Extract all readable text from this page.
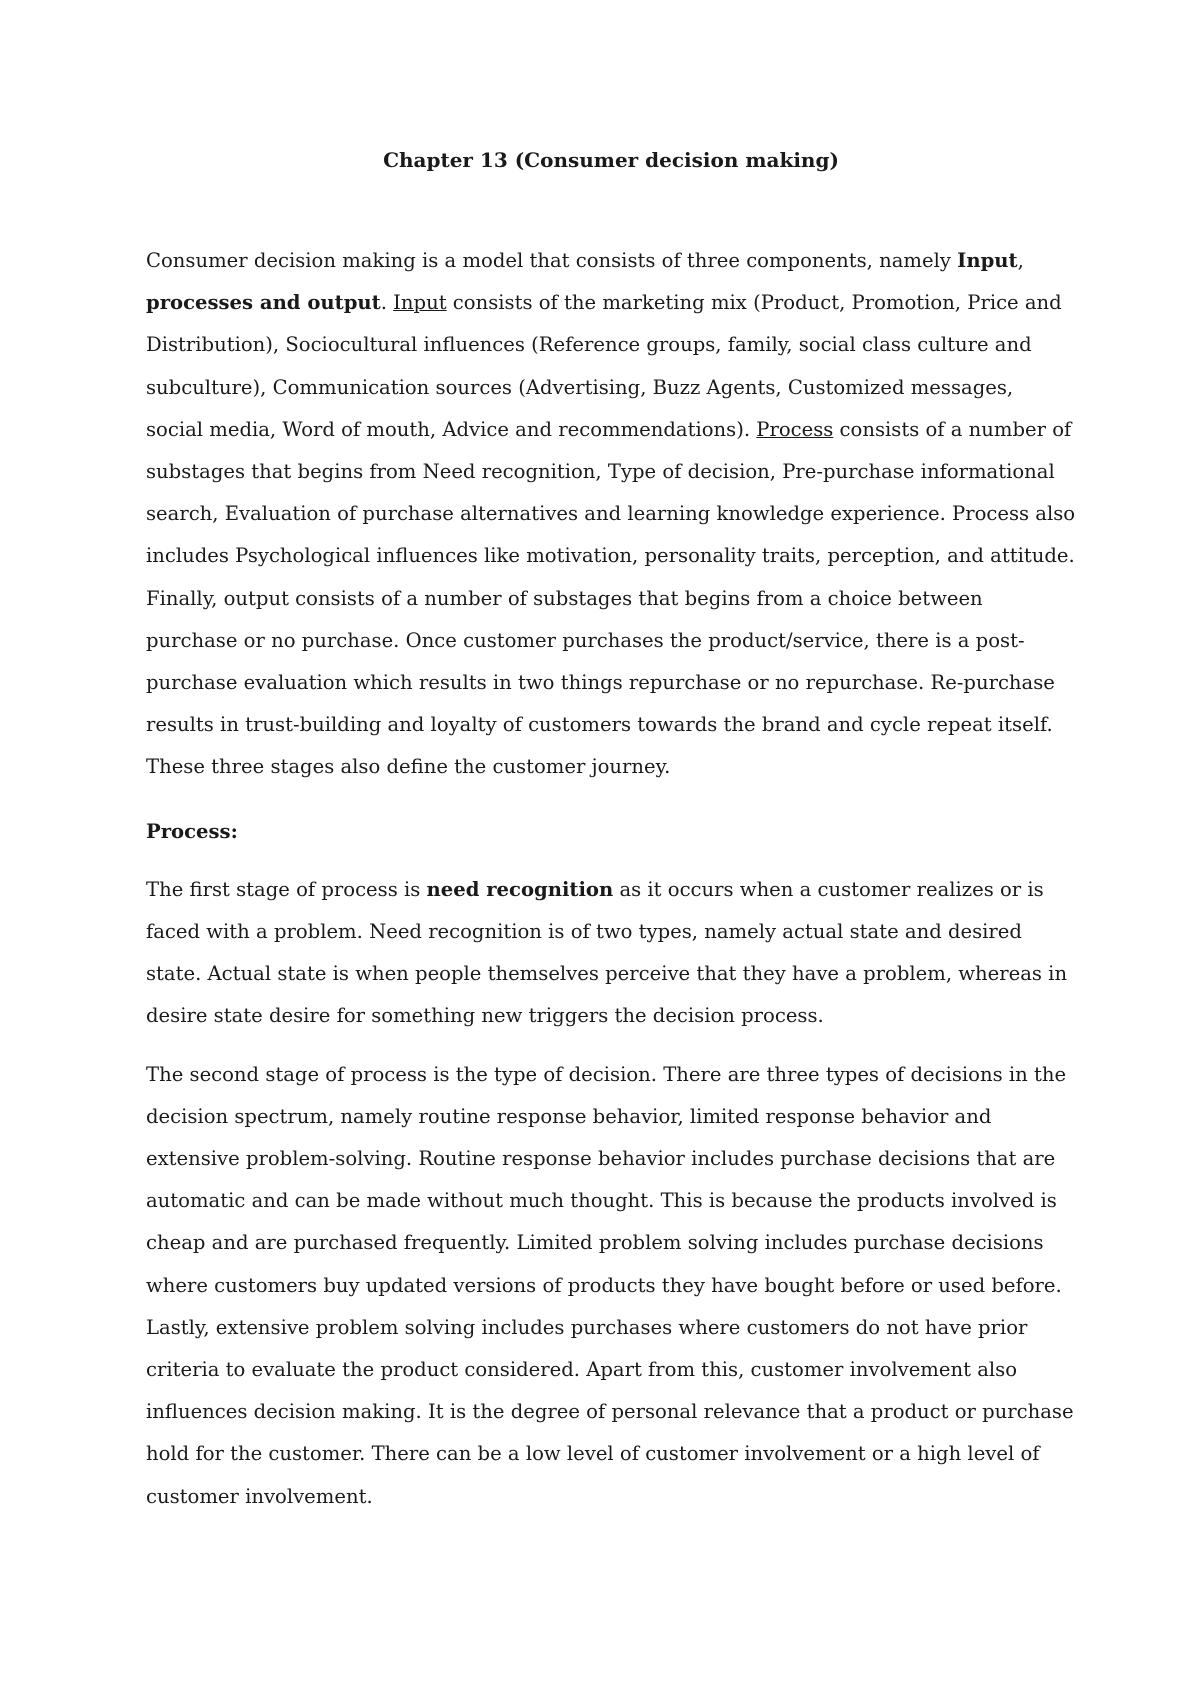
Chapter 13 (Consumer decision making)

Consumer decision making is a model that consists of three components, namely Input, processes and output. Input consists of the marketing mix (Product, Promotion, Price and Distribution), Sociocultural influences (Reference groups, family, social class culture and subculture), Communication sources (Advertising, Buzz Agents, Customized messages, social media, Word of mouth, Advice and recommendations). Process consists of a number of substages that begins from Need recognition, Type of decision, Pre-purchase informational search, Evaluation of purchase alternatives and learning knowledge experience. Process also includes Psychological influences like motivation, personality traits, perception, and attitude. Finally, output consists of a number of substages that begins from a choice between purchase or no purchase. Once customer purchases the product/service, there is a post-purchase evaluation which results in two things repurchase or no repurchase. Re-purchase results in trust-building and loyalty of customers towards the brand and cycle repeat itself. These three stages also define the customer journey.

Process:

The first stage of process is need recognition as it occurs when a customer realizes or is faced with a problem. Need recognition is of two types, namely actual state and desired state. Actual state is when people themselves perceive that they have a problem, whereas in desire state desire for something new triggers the decision process.

The second stage of process is the type of decision. There are three types of decisions in the decision spectrum, namely routine response behavior, limited response behavior and extensive problem-solving. Routine response behavior includes purchase decisions that are automatic and can be made without much thought. This is because the products involved is cheap and are purchased frequently. Limited problem solving includes purchase decisions where customers buy updated versions of products they have bought before or used before. Lastly, extensive problem solving includes purchases where customers do not have prior criteria to evaluate the product considered. Apart from this, customer involvement also influences decision making. It is the degree of personal relevance that a product or purchase hold for the customer. There can be a low level of customer involvement or a high level of customer involvement.
